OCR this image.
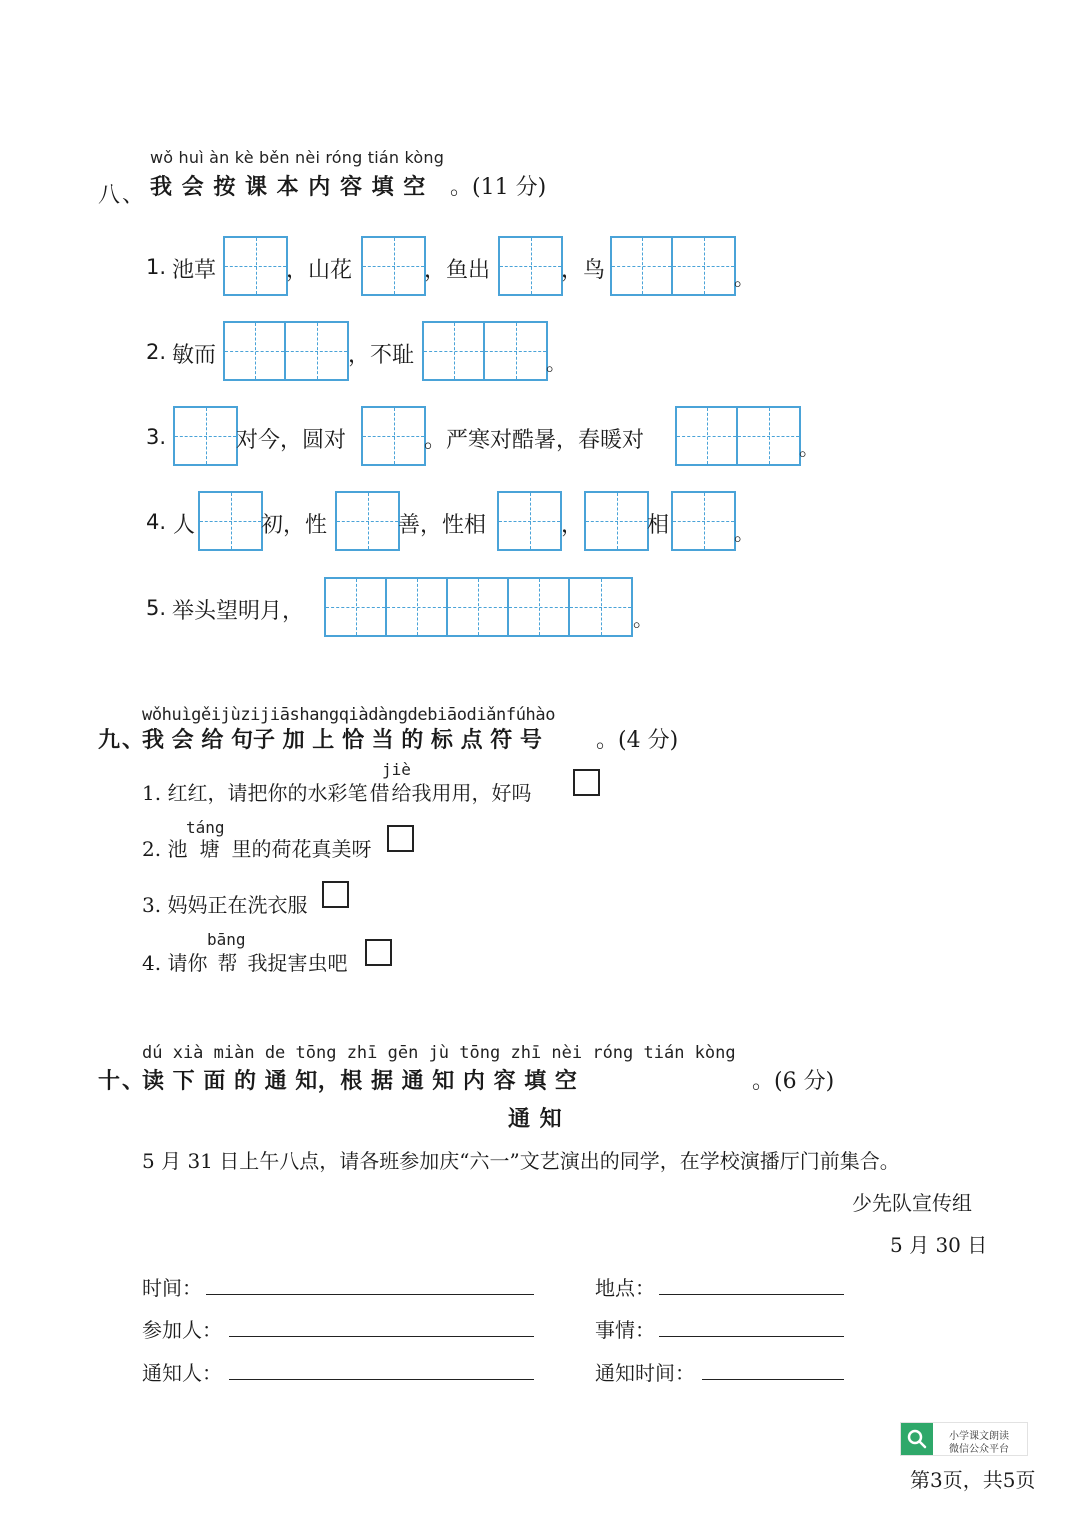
wǒ huì àn kè běn nèi róng tián kòng
八、 我 会 按 课 本 内 容 填 空 。(11 分)
1. 池草	，山花	，鱼出	，鸟	。
2. 敏而	，不耻	。
3.	对今，圆对	。严寒对酷暑，春暖对	。
4. 人	初，性	善，性相	，	相	。
5. 举头望明月，	。
wǒhuìgěijùzijiāshangqiàdàngdebiāodiǎnfúhào
九、
我 会 给 句子 加 上 恰 当 的 标 点 符 号 。(4 分)
jiè
1. 红红，请把你的水彩笔 借 给我用用，好吗
táng
2. 池 塘 里的荷花真美呀
3. 妈妈正在洗衣服
bāng
4. 请你 帮 我捉害虫吧
dú xià miàn de tōng zhī gēn jù tōng zhī nèi róng tián kòng
十、
读 下 面 的 通 知，根 据 通 知 内 容 填 空	。(6 分)
通 知
5 月 31 日上午八点，请各班参加庆“六一”文艺演出的同学，在学校演播厅门前集合。
少先队宣传组
5 月 30 日
时间：	地点：
参加人：	事情：
通知人：	通知时间：
小学课文朗读
微信公众平台
第3页，共5页
